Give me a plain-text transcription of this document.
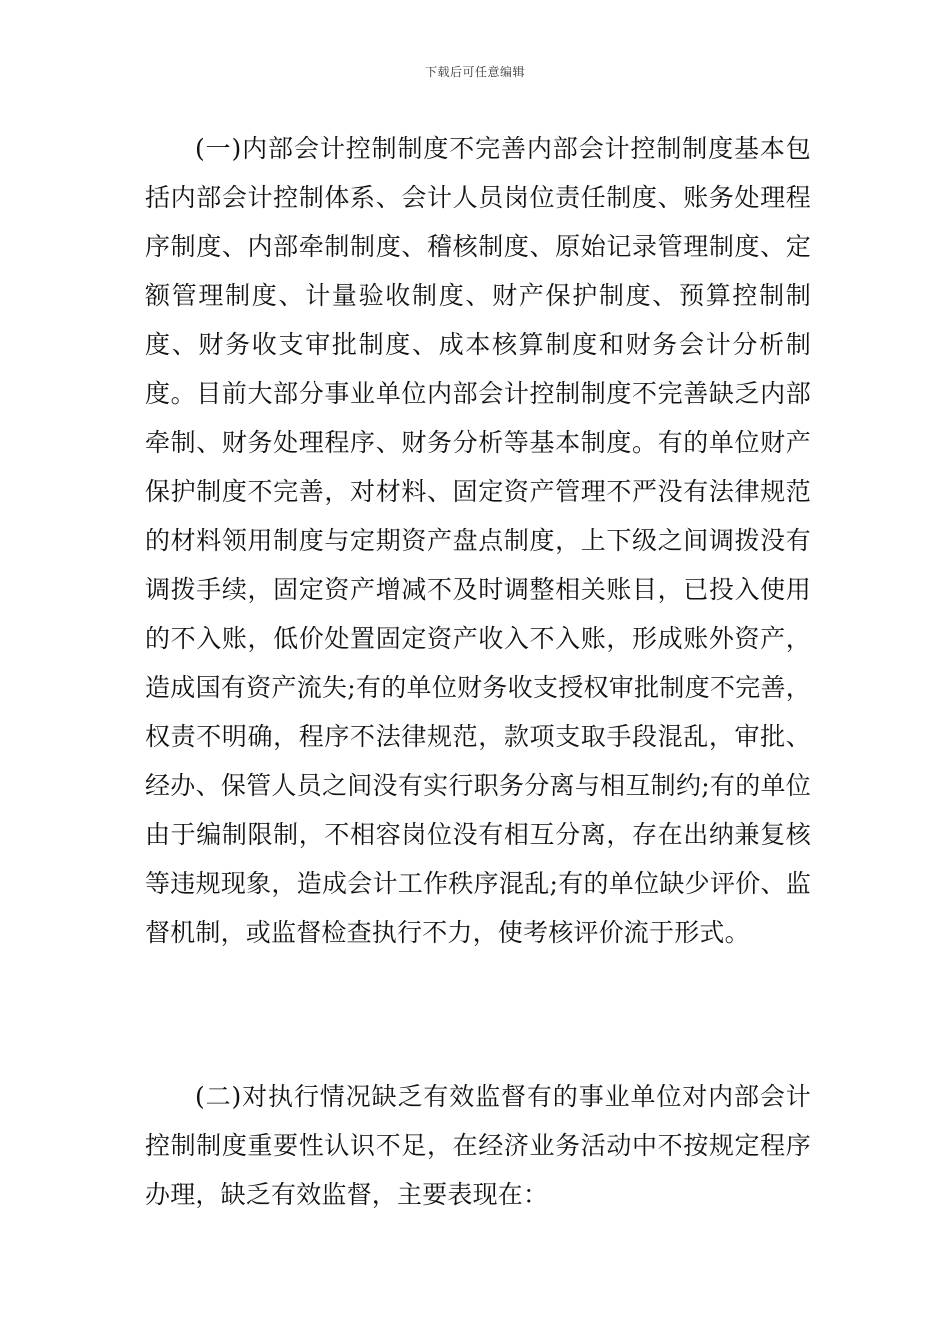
下载后可任意编辑

(一)内部会计控制制度不完善内部会计控制制度基本包括内部会计控制体系、会计人员岗位责任制度、账务处理程序制度、内部牵制制度、稽核制度、原始记录管理制度、定额管理制度、计量验收制度、财产保护制度、预算控制制度、财务收支审批制度、成本核算制度和财务会计分析制度。目前大部分事业单位内部会计控制制度不完善缺乏内部牵制、财务处理程序、财务分析等基本制度。有的单位财产保护制度不完善，对材料、固定资产管理不严没有法律规范的材料领用制度与定期资产盘点制度，上下级之间调拨没有调拨手续，固定资产增减不及时调整相关账目，已投入使用的不入账，低价处置固定资产收入不入账，形成账外资产，造成国有资产流失;有的单位财务收支授权审批制度不完善，权责不明确，程序不法律规范，款项支取手段混乱，审批、经办、保管人员之间没有实行职务分离与相互制约;有的单位由于编制限制，不相容岗位没有相互分离，存在出纳兼复核等违规现象，造成会计工作秩序混乱;有的单位缺少评价、监督机制，或监督检查执行不力，使考核评价流于形式。

(二)对执行情况缺乏有效监督有的事业单位对内部会计控制制度重要性认识不足，在经济业务活动中不按规定程序办理，缺乏有效监督，主要表现在：
